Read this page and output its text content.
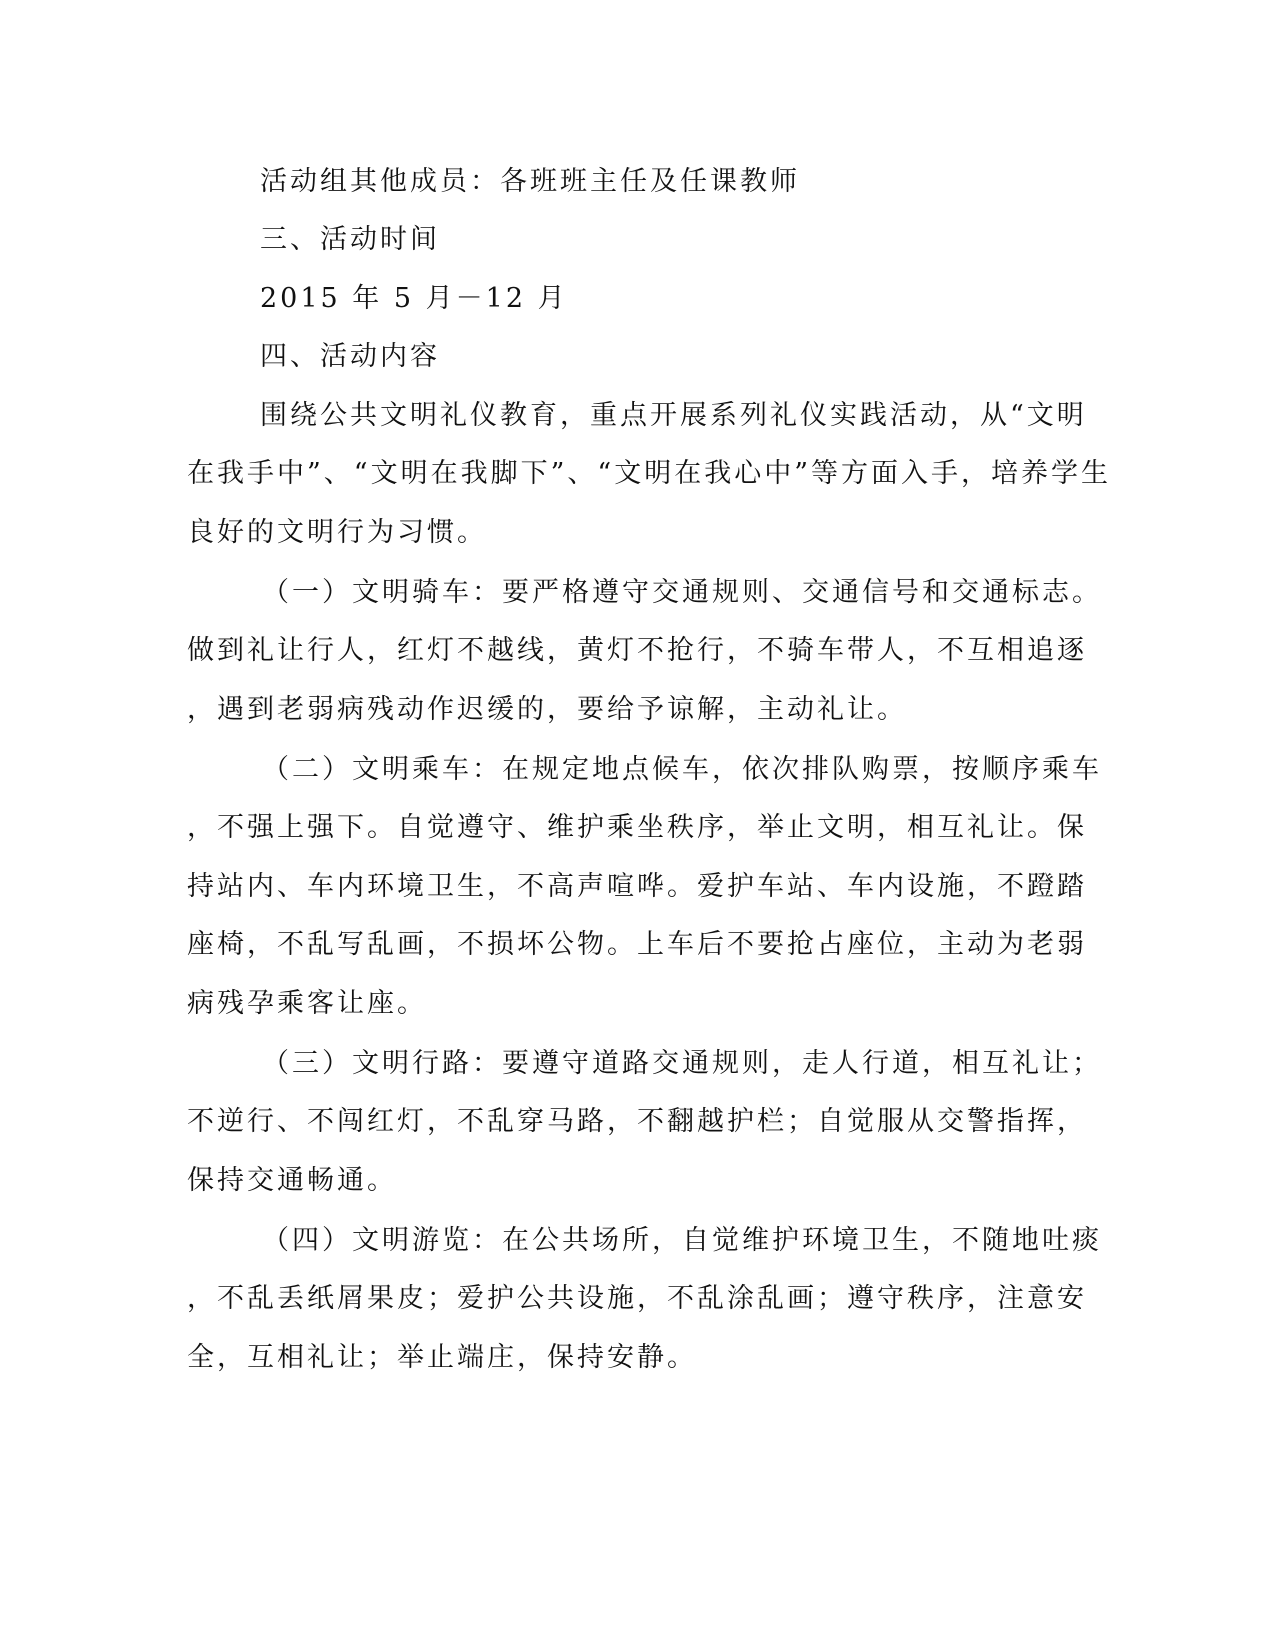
活动组其他成员：各班班主任及任课教师
三、活动时间
2015 年 5 月－12 月
四、活动内容
围绕公共文明礼仪教育，重点开展系列礼仪实践活动，从“文明
在我手中”、“文明在我脚下”、“文明在我心中”等方面入手，培养学生
良好的文明行为习惯。
（一）文明骑车：要严格遵守交通规则、交通信号和交通标志。
做到礼让行人，红灯不越线，黄灯不抢行，不骑车带人，不互相追逐
，遇到老弱病残动作迟缓的，要给予谅解，主动礼让。
（二）文明乘车：在规定地点候车，依次排队购票，按顺序乘车
，不强上强下。自觉遵守、维护乘坐秩序，举止文明，相互礼让。保
持站内、车内环境卫生，不高声喧哗。爱护车站、车内设施，不蹬踏
座椅，不乱写乱画，不损坏公物。上车后不要抢占座位，主动为老弱
病残孕乘客让座。
（三）文明行路：要遵守道路交通规则，走人行道，相互礼让；
不逆行、不闯红灯，不乱穿马路，不翻越护栏；自觉服从交警指挥，
保持交通畅通。
（四）文明游览：在公共场所，自觉维护环境卫生，不随地吐痰
，不乱丢纸屑果皮；爱护公共设施，不乱涂乱画；遵守秩序，注意安
全，互相礼让；举止端庄，保持安静。
